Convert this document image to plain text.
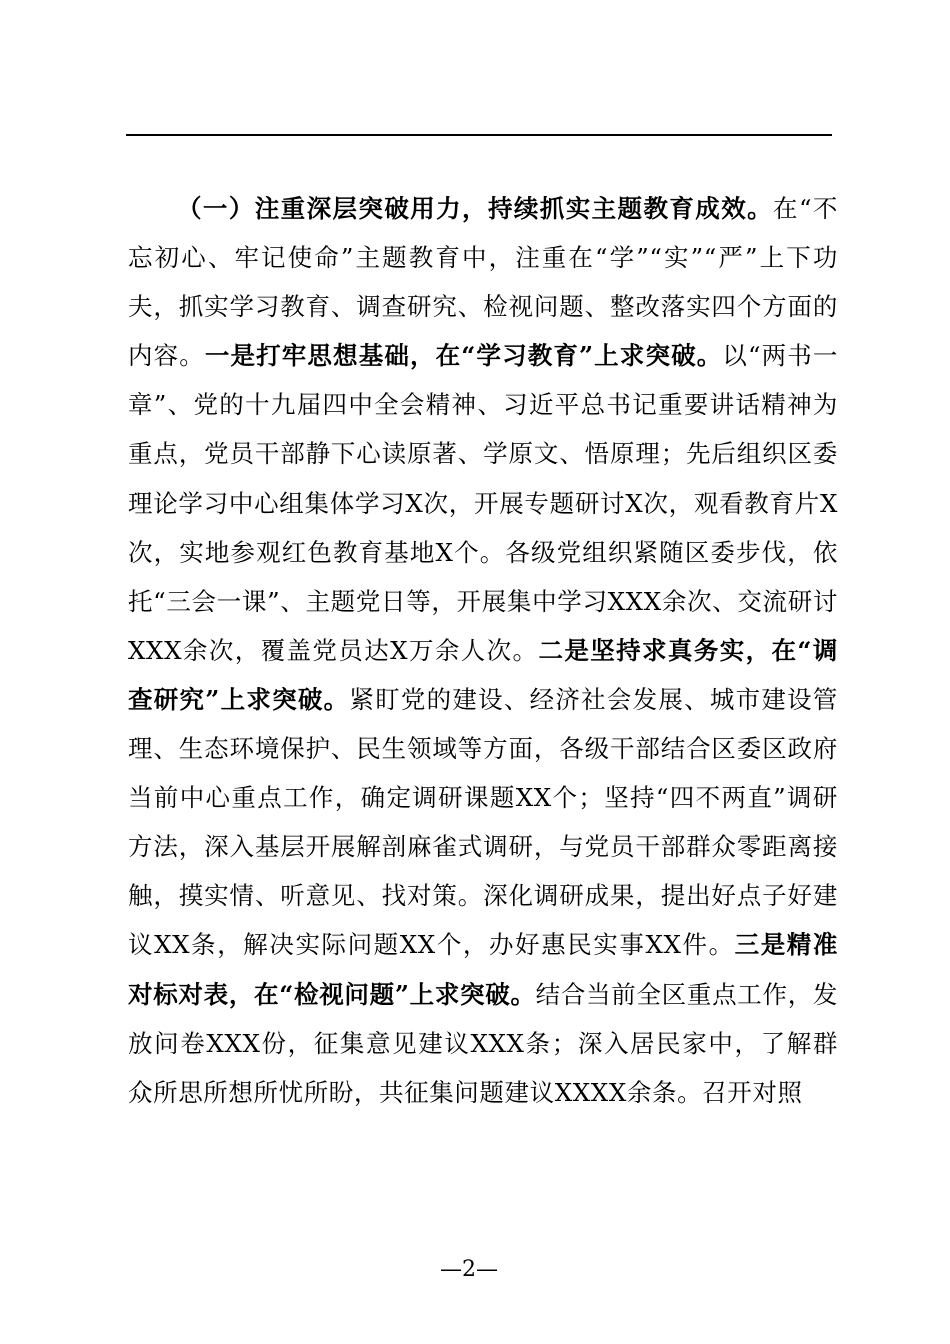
（一）注重深层突破用力，持续抓实主题教育成效。在“不忘初心、牢记使命”主题教育中，注重在“学”“实”“严”上下功夫，抓实学习教育、调查研究、检视问题、整改落实四个方面的内容。一是打牢思想基础，在“学习教育”上求突破。以“两书一章”、党的十九届四中全会精神、习近平总书记重要讲话精神为重点，党员干部静下心读原著、学原文、悟原理；先后组织区委理论学习中心组集体学习X次，开展专题研讨X次，观看教育片X次，实地参观红色教育基地X个。各级党组织紧随区委步伐，依托“三会一课”、主题党日等，开展集中学习XXX余次、交流研讨XXX余次，覆盖党员达X万余人次。二是坚持求真务实，在“调查研究”上求突破。紧盯党的建设、经济社会发展、城市建设管理、生态环境保护、民生领域等方面，各级干部结合区委区政府当前中心重点工作，确定调研课题XX个；坚持“四不两直”调研方法，深入基层开展解剖麻雀式调研，与党员干部群众零距离接触，摸实情、听意见、找对策。深化调研成果，提出好点子好建议XX条，解决实际问题XX个，办好惠民实事XX件。三是精准对标对表，在“检视问题”上求突破。结合当前全区重点工作，发放问卷XXX份，征集意见建议XXX条；深入居民家中，了解群众所思所想所忧所盼，共征集问题建议XXXX余条。召开对照

—2—
